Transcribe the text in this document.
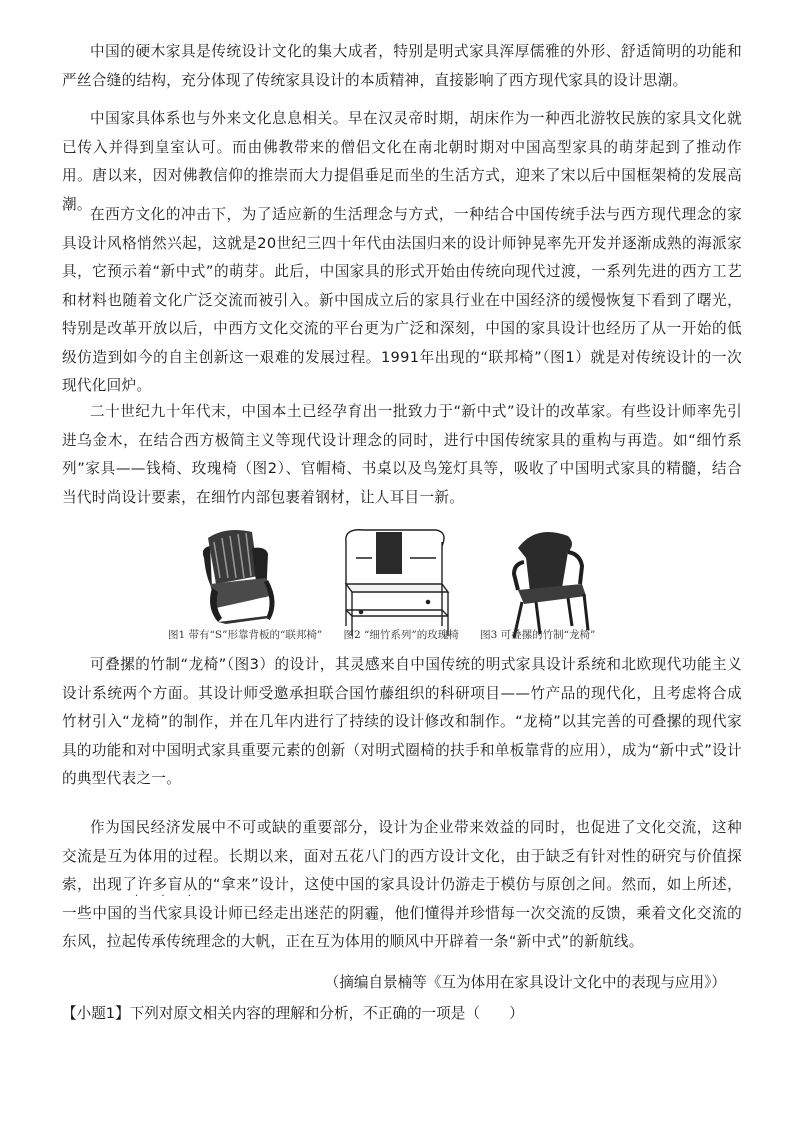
中国的硬木家具是传统设计文化的集大成者，特别是明式家具浑厚儒雅的外形、舒适简明的功能和严丝合缝的结构，充分体现了传统家具设计的本质精神，直接影响了西方现代家具的设计思潮。

中国家具体系也与外来文化息息相关。早在汉灵帝时期，胡床作为一种西北游牧民族的家具文化就已传入并得到皇室认可。而由佛教带来的僧侣文化在南北朝时期对中国高型家具的萌芽起到了推动作用。唐以来，因对佛教信仰的推崇而大力提倡垂足而坐的生活方式，迎来了宋以后中国框架椅的发展高潮。

在西方文化的冲击下，为了适应新的生活理念与方式，一种结合中国传统手法与西方现代理念的家具设计风格悄然兴起，这就是20世纪三四十年代由法国归来的设计师钟晃率先开发并逐渐成熟的海派家具，它预示着“新中式”的萌芽。此后，中国家具的形式开始由传统向现代过渡，一系列先进的西方工艺和材料也随着文化广泛交流而被引入。新中国成立后的家具行业在中国经济的缓慢恢复下看到了曙光，特别是改革开放以后，中西方文化交流的平台更为广泛和深刻，中国的家具设计也经历了从一开始的低级仿造到如今的自主创新这一艰难的发展过程。1991年出现的“联邦椅”（图1）就是对传统设计的一次现代化回炉。

二十世纪九十年代末，中国本土已经孕育出一批致力于“新中式”设计的改革家。有些设计师率先引进乌金木，在结合西方极简主义等现代设计理念的同时，进行中国传统家具的重构与再造。如“细竹系列”家具——钱椅、玫瑰椅（图2）、官帽椅、书桌以及鸟笼灯具等，吸收了中国明式家具的精髓，结合当代时尚设计要素，在细竹内部包裹着钢材，让人耳目一新。

图1 带有“S”形靠背板的“联邦椅” 图2 “细竹系列”的玫瑰椅 图3 可叠摞的竹制“龙椅”

可叠摞的竹制“龙椅”（图3）的设计，其灵感来自中国传统的明式家具设计系统和北欧现代功能主义设计系统两个方面。其设计师受邀承担联合国竹藤组织的科研项目——竹产品的现代化，且考虑将合成竹材引入“龙椅”的制作，并在几年内进行了持续的设计修改和制作。“龙椅”以其完善的可叠摞的现代家具的功能和对中国明式家具重要元素的创新（对明式圈椅的扶手和单板靠背的应用），成为“新中式”设计的典型代表之一。

作为国民经济发展中不可或缺的重要部分，设计为企业带来效益的同时，也促进了文化交流，这种交流是互为体用的过程。长期以来，面对五花八门的西方设计文化，由于缺乏有针对性的研究与价值探索，出现了许多盲从的“拿来”设计，这使中国的家具设计仍游走于模仿与原创之间。然而，如上所述，一些中国的当代家具设计师已经走出迷茫的阴霾，他们懂得并珍惜每一次交流的反馈，乘着文化交流的东风，拉起传承传统理念的大帆，正在互为体用的顺风中开辟着一条“新中式”的新航线。

· · ·

（摘编自景楠等《互为体用在家具设计文化中的表现与应用》）

【小题1】下列对原文相关内容的理解和分析，不正确的一项是（　　）
